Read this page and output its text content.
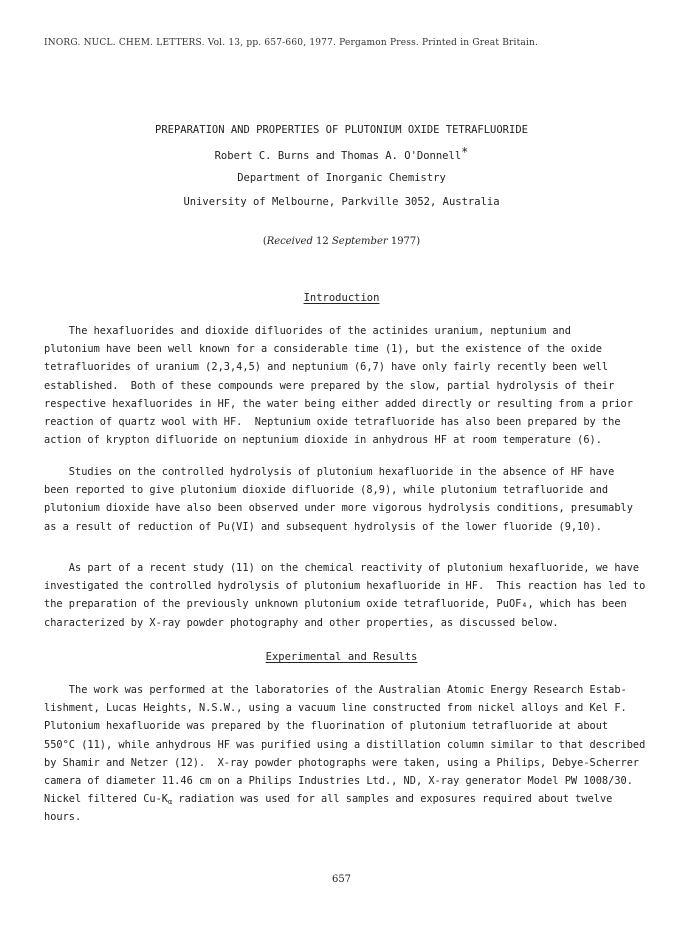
INORG. NUCL. CHEM. LETTERS. Vol. 13, pp. 657-660, 1977. Pergamon Press. Printed in Great Britain.
PREPARATION AND PROPERTIES OF PLUTONIUM OXIDE TETRAFLUORIDE
Robert C. Burns and Thomas A. O'Donnell*
Department of Inorganic Chemistry
University of Melbourne, Parkville 3052, Australia
(Received 12 September 1977)
Introduction
The hexafluorides and dioxide difluorides of the actinides uranium, neptunium and
plutonium have been well known for a considerable time (1), but the existence of the oxide
tetrafluorides of uranium (2,3,4,5) and neptunium (6,7) have only fairly recently been well
established.  Both of these compounds were prepared by the slow, partial hydrolysis of their
respective hexafluorides in HF, the water being either added directly or resulting from a prior
reaction of quartz wool with HF.  Neptunium oxide tetrafluoride has also been prepared by the
action of krypton difluoride on neptunium dioxide in anhydrous HF at room temperature (6).
Studies on the controlled hydrolysis of plutonium hexafluoride in the absence of HF have
been reported to give plutonium dioxide difluoride (8,9), while plutonium tetrafluoride and
plutonium dioxide have also been observed under more vigorous hydrolysis conditions, presumably
as a result of reduction of Pu(VI) and subsequent hydrolysis of the lower fluoride (9,10).
As part of a recent study (11) on the chemical reactivity of plutonium hexafluoride, we have
investigated the controlled hydrolysis of plutonium hexafluoride in HF.  This reaction has led to
the preparation of the previously unknown plutonium oxide tetrafluoride, PuOF₄, which has been
characterized by X-ray powder photography and other properties, as discussed below.
Experimental and Results
The work was performed at the laboratories of the Australian Atomic Energy Research Estab-
lishment, Lucas Heights, N.S.W., using a vacuum line constructed from nickel alloys and Kel F.
Plutonium hexafluoride was prepared by the fluorination of plutonium tetrafluoride at about
550°C (11), while anhydrous HF was purified using a distillation column similar to that described
by Shamir and Netzer (12).  X-ray powder photographs were taken, using a Philips, Debye-Scherrer
camera of diameter 11.46 cm on a Philips Industries Ltd., ND, X-ray generator Model PW 1008/30.
Nickel filtered $Cu-K_\alpha$ radiation was used for all samples and exposures required about twelve
hours.
657
